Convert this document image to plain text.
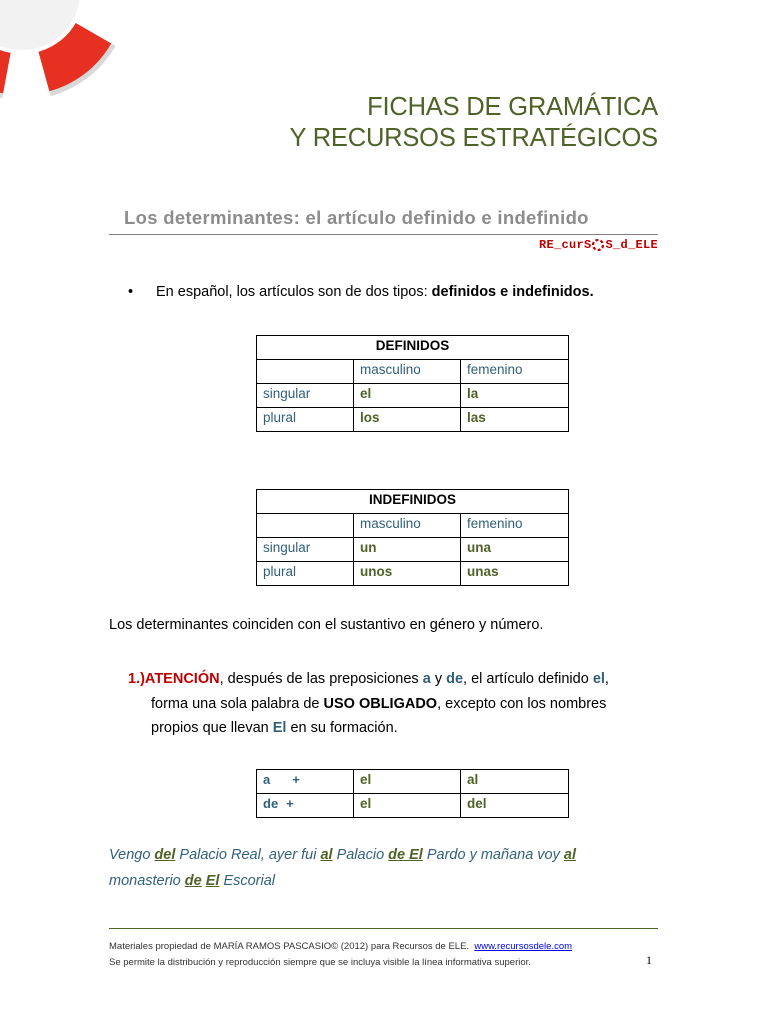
FICHAS DE GRAMÁTICA
Y RECURSOS ESTRATÉGICOS
Los determinantes: el artículo definido e indefinido
RE_curS S_d_ELE
• En español, los artículos son de dos tipos: definidos e indefinidos.
DEFINIDOS		
	masculino	femenino
singular	el	la
plural	los	las
INDEFINIDOS		
	masculino	femenino
singular	un	una
plural	unos	unas
Los determinantes coinciden con el sustantivo en género y número.
1.)ATENCIÓN, después de las preposiciones a y de, el artículo definido el,
forma una sola palabra de USO OBLIGADO, excepto con los nombres
propios que llevan El en su formación.
a +	el	al
de +	el	del
Vengo del Palacio Real, ayer fui al Palacio de El Pardo y mañana voy al
monasterio de El Escorial
Materiales propiedad de MARÍA RAMOS PASCASIO© (2012) para Recursos de ELE. www.recursosdele.com
Se permite la distribución y reproducción siempre que se incluya visible la línea informativa superior.	1
